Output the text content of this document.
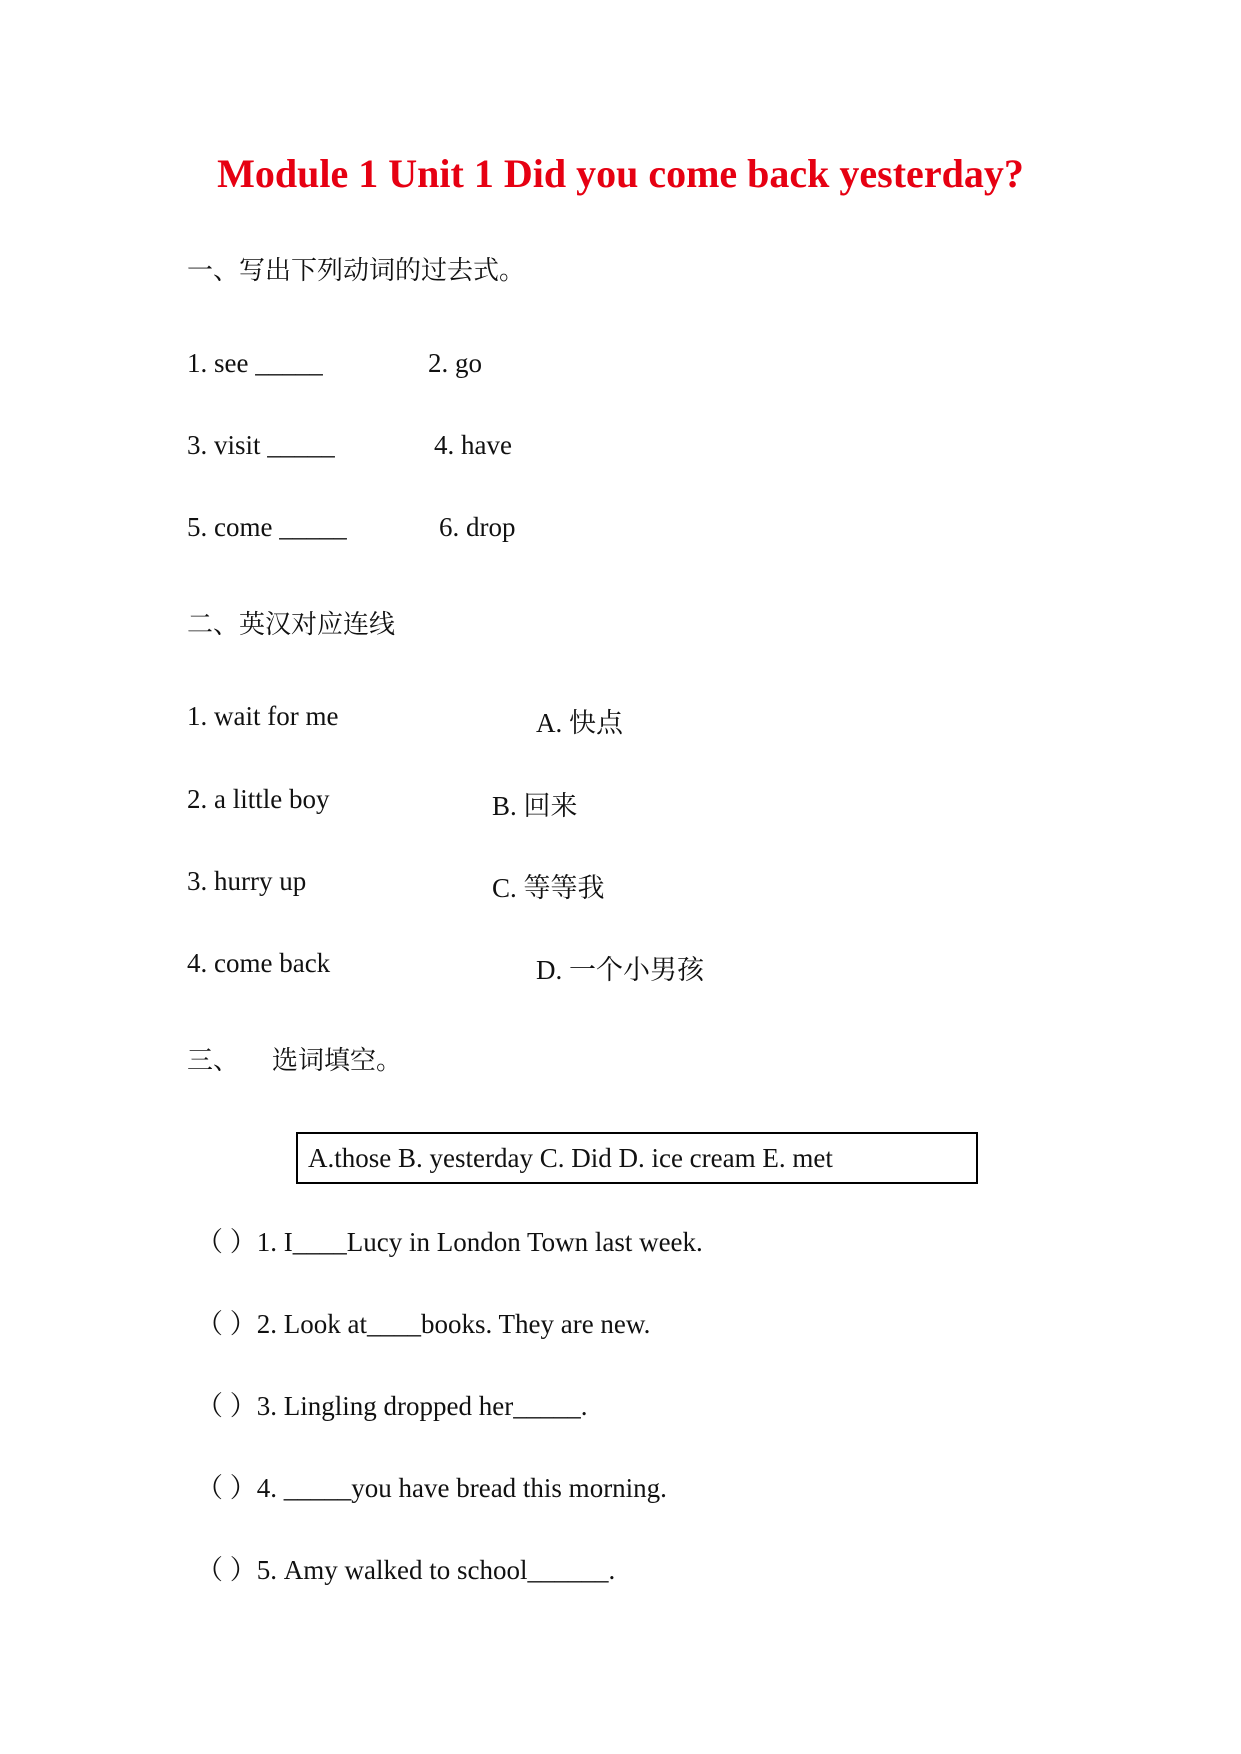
Module 1 Unit 1 Did you come back yesterday?
一、写出下列动词的过去式。
1. see _____	2. go
3. visit _____	4. have
5. come _____	6. drop
二、英汉对应连线
1. wait for me	A. 快点
2. a little boy	B. 回来
3. hurry up	C. 等等我
4. come back	D. 一个小男孩
三、    选词填空。
A.those B. yesterday C. Did D. ice cream E. met
（ ）1. I____Lucy in London Town last week.
（ ）2. Look at____books. They are new.
（ ）3. Lingling dropped her_____.
（ ）4. _____you have bread this morning.
（ ）5. Amy walked to school______.
